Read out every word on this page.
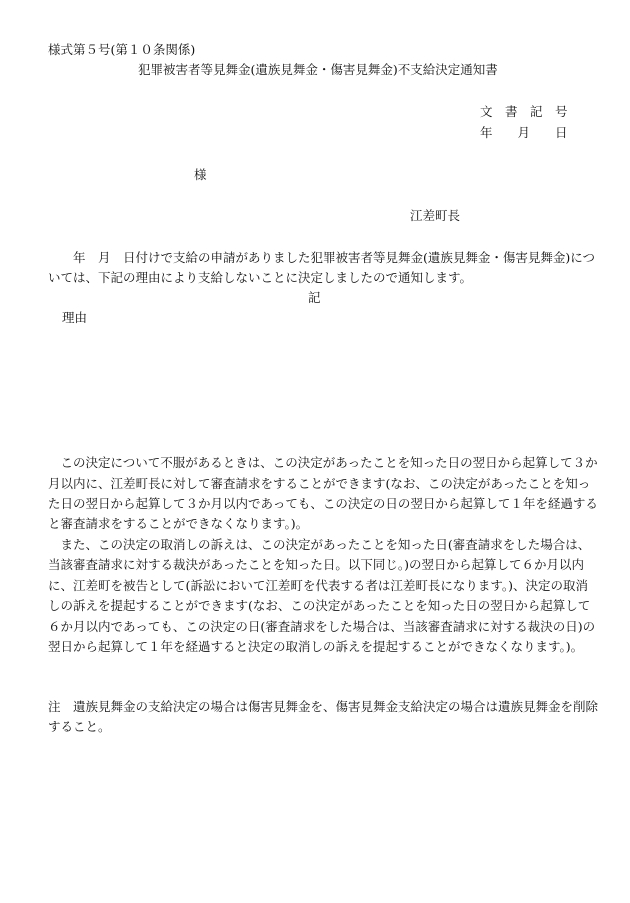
様式第５号(第１０条関係)
犯罪被害者等見舞金(遺族見舞金・傷害見舞金)不支給決定通知書
文　書　記　号
年　　月　　日
様
江差町長
　　年　月　日付けで支給の申請がありました犯罪被害者等見舞金(遺族見舞金・傷害見舞金)につ
いては、下記の理由により支給しないことに決定しましたので通知します。
記
理由
　この決定について不服があるときは、この決定があったことを知った日の翌日から起算して３か
月以内に、江差町長に対して審査請求をすることができます(なお、この決定があったことを知っ
た日の翌日から起算して３か月以内であっても、この決定の日の翌日から起算して１年を経過する
と審査請求をすることができなくなります。)。
　また、この決定の取消しの訴えは、この決定があったことを知った日(審査請求をした場合は、
当該審査請求に対する裁決があったことを知った日。以下同じ。)の翌日から起算して６か月以内
に、江差町を被告として(訴訟において江差町を代表する者は江差町長になります。)、決定の取消
しの訴えを提起することができます(なお、この決定があったことを知った日の翌日から起算して
６か月以内であっても、この決定の日(審査請求をした場合は、当該審査請求に対する裁決の日)の
翌日から起算して１年を経過すると決定の取消しの訴えを提起することができなくなります。)。
注　遺族見舞金の支給決定の場合は傷害見舞金を、傷害見舞金支給決定の場合は遺族見舞金を削除
すること。
